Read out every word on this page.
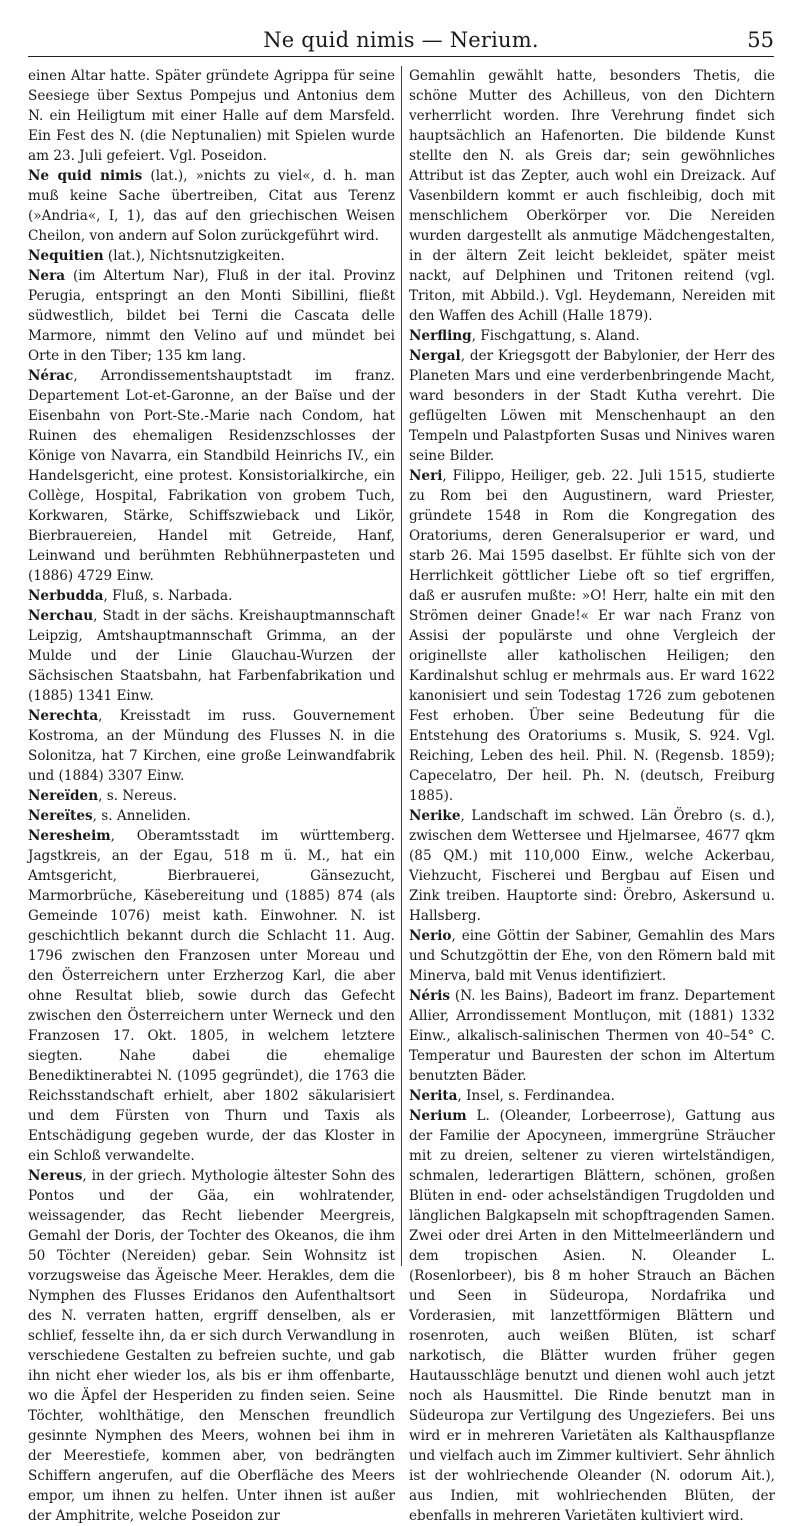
Ne quid nimis — Nerium.	55

einen Altar hatte. Später gründete Agrippa für seine Seesiege über Sextus Pompejus und Antonius dem N. ein Heiligtum mit einer Halle auf dem Marsfeld. Ein Fest des N. (die Neptunalien) mit Spielen wurde am 23. Juli gefeiert. Vgl. Poseidon.

Ne quid nimis (lat.), »nichts zu viel«, d. h. man muß keine Sache übertreiben, Citat aus Terenz (»Andria«, I, 1), das auf den griechischen Weisen Cheilon, von andern auf Solon zurückgeführt wird.

Nequitien (lat.), Nichtsnutzigkeiten.

Nera (im Altertum Nar), Fluß in der ital. Provinz Perugia, entspringt an den Monti Sibillini, fließt südwestlich, bildet bei Terni die Cascata delle Marmore, nimmt den Velino auf und mündet bei Orte in den Tiber; 135 km lang.

Nérac, Arrondissementshauptstadt im franz. Departement Lot-et-Garonne, an der Baïse und der Eisenbahn von Port-Ste.-Marie nach Condom, hat Ruinen des ehemaligen Residenzschlosses der Könige von Navarra, ein Standbild Heinrichs IV., ein Handelsgericht, eine protest. Konsistorialkirche, ein Collège, Hospital, Fabrikation von grobem Tuch, Korkwaren, Stärke, Schiffszwieback und Likör, Bierbrauereien, Handel mit Getreide, Hanf, Leinwand und berühmten Rebhühnerpasteten und (1886) 4729 Einw.

Nerbudda, Fluß, s. Narbada.

Nerchau, Stadt in der sächs. Kreishauptmannschaft Leipzig, Amtshauptmannschaft Grimma, an der Mulde und der Linie Glauchau-Wurzen der Sächsischen Staatsbahn, hat Farbenfabrikation und (1885) 1341 Einw.

Nerechta, Kreisstadt im russ. Gouvernement Kostroma, an der Mündung des Flusses N. in die Solonitza, hat 7 Kirchen, eine große Leinwandfabrik und (1884) 3307 Einw.

Nereïden, s. Nereus.

Nereïtes, s. Anneliden.

Neresheim, Oberamtsstadt im württemberg. Jagstkreis, an der Egau, 518 m ü. M., hat ein Amtsgericht, Bierbrauerei, Gänsezucht, Marmorbrüche, Käsebereitung und (1885) 874 (als Gemeinde 1076) meist kath. Einwohner. N. ist geschichtlich bekannt durch die Schlacht 11. Aug. 1796 zwischen den Franzosen unter Moreau und den Österreichern unter Erzherzog Karl, die aber ohne Resultat blieb, sowie durch das Gefecht zwischen den Österreichern unter Werneck und den Franzosen 17. Okt. 1805, in welchem letztere siegten. Nahe dabei die ehemalige Benediktinerabtei N. (1095 gegründet), die 1763 die Reichsstandschaft erhielt, aber 1802 säkularisiert und dem Fürsten von Thurn und Taxis als Entschädigung gegeben wurde, der das Kloster in ein Schloß verwandelte.

Nereus, in der griech. Mythologie ältester Sohn des Pontos und der Gäa, ein wohlratender, weissagender, das Recht liebender Meergreis, Gemahl der Doris, der Tochter des Okeanos, die ihm 50 Töchter (Nereiden) gebar. Sein Wohnsitz ist vorzugsweise das Ägeische Meer. Herakles, dem die Nymphen des Flusses Eridanos den Aufenthaltsort des N. verraten hatten, ergriff denselben, als er schlief, fesselte ihn, da er sich durch Verwandlung in verschiedene Gestalten zu befreien suchte, und gab ihn nicht eher wieder los, als bis er ihm offenbarte, wo die Äpfel der Hesperiden zu finden seien. Seine Töchter, wohlthätige, den Menschen freundlich gesinnte Nymphen des Meers, wohnen bei ihm in der Meerestiefe, kommen aber, von bedrängten Schiffern angerufen, auf die Oberfläche des Meers empor, um ihnen zu helfen. Unter ihnen ist außer der Amphitrite, welche Poseidon zur

Gemahlin gewählt hatte, besonders Thetis, die schöne Mutter des Achilleus, von den Dichtern verherrlicht worden. Ihre Verehrung findet sich hauptsächlich an Hafenorten. Die bildende Kunst stellte den N. als Greis dar; sein gewöhnliches Attribut ist das Zepter, auch wohl ein Dreizack. Auf Vasenbildern kommt er auch fischleibig, doch mit menschlichem Oberkörper vor. Die Nereiden wurden dargestellt als anmutige Mädchengestalten, in der ältern Zeit leicht bekleidet, später meist nackt, auf Delphinen und Tritonen reitend (vgl. Triton, mit Abbild.). Vgl. Heydemann, Nereiden mit den Waffen des Achill (Halle 1879).

Nerfling, Fischgattung, s. Aland.

Nergal, der Kriegsgott der Babylonier, der Herr des Planeten Mars und eine verderbenbringende Macht, ward besonders in der Stadt Kutha verehrt. Die geflügelten Löwen mit Menschenhaupt an den Tempeln und Palastpforten Susas und Ninives waren seine Bilder.

Neri, Filippo, Heiliger, geb. 22. Juli 1515, studierte zu Rom bei den Augustinern, ward Priester, gründete 1548 in Rom die Kongregation des Oratoriums, deren Generalsuperior er ward, und starb 26. Mai 1595 daselbst. Er fühlte sich von der Herrlichkeit göttlicher Liebe oft so tief ergriffen, daß er ausrufen mußte: »O! Herr, halte ein mit den Strömen deiner Gnade!« Er war nach Franz von Assisi der populärste und ohne Vergleich der originellste aller katholischen Heiligen; den Kardinalshut schlug er mehrmals aus. Er ward 1622 kanonisiert und sein Todestag 1726 zum gebotenen Fest erhoben. Über seine Bedeutung für die Entstehung des Oratoriums s. Musik, S. 924. Vgl. Reiching, Leben des heil. Phil. N. (Regensb. 1859); Capecelatro, Der heil. Ph. N. (deutsch, Freiburg 1885).

Nerike, Landschaft im schwed. Län Örebro (s. d.), zwischen dem Wettersee und Hjelmarsee, 4677 qkm (85 QM.) mit 110,000 Einw., welche Ackerbau, Viehzucht, Fischerei und Bergbau auf Eisen und Zink treiben. Hauptorte sind: Örebro, Askersund u. Hallsberg.

Nerio, eine Göttin der Sabiner, Gemahlin des Mars und Schutzgöttin der Ehe, von den Römern bald mit Minerva, bald mit Venus identifiziert.

Néris (N. les Bains), Badeort im franz. Departement Allier, Arrondissement Montluçon, mit (1881) 1332 Einw., alkalisch-salinischen Thermen von 40–54° C. Temperatur und Bauresten der schon im Altertum benutzten Bäder.

Nerita, Insel, s. Ferdinandea.

Nerium L. (Oleander, Lorbeerrose), Gattung aus der Familie der Apocyneen, immergrüne Sträucher mit zu dreien, seltener zu vieren wirtelständigen, schmalen, lederartigen Blättern, schönen, großen Blüten in end- oder achselständigen Trugdolden und länglichen Balgkapseln mit schopftragenden Samen. Zwei oder drei Arten in den Mittelmeerländern und dem tropischen Asien. N. Oleander L. (Rosenlorbeer), bis 8 m hoher Strauch an Bächen und Seen in Südeuropa, Nordafrika und Vorderasien, mit lanzettförmigen Blättern und rosenroten, auch weißen Blüten, ist scharf narkotisch, die Blätter wurden früher gegen Hautausschläge benutzt und dienen wohl auch jetzt noch als Hausmittel. Die Rinde benutzt man in Südeuropa zur Vertilgung des Ungeziefers. Bei uns wird er in mehreren Varietäten als Kalthauspflanze und vielfach auch im Zimmer kultiviert. Sehr ähnlich ist der wohlriechende Oleander (N. odorum Ait.), aus Indien, mit wohlriechenden Blüten, der ebenfalls in mehreren Varietäten kultiviert wird.
